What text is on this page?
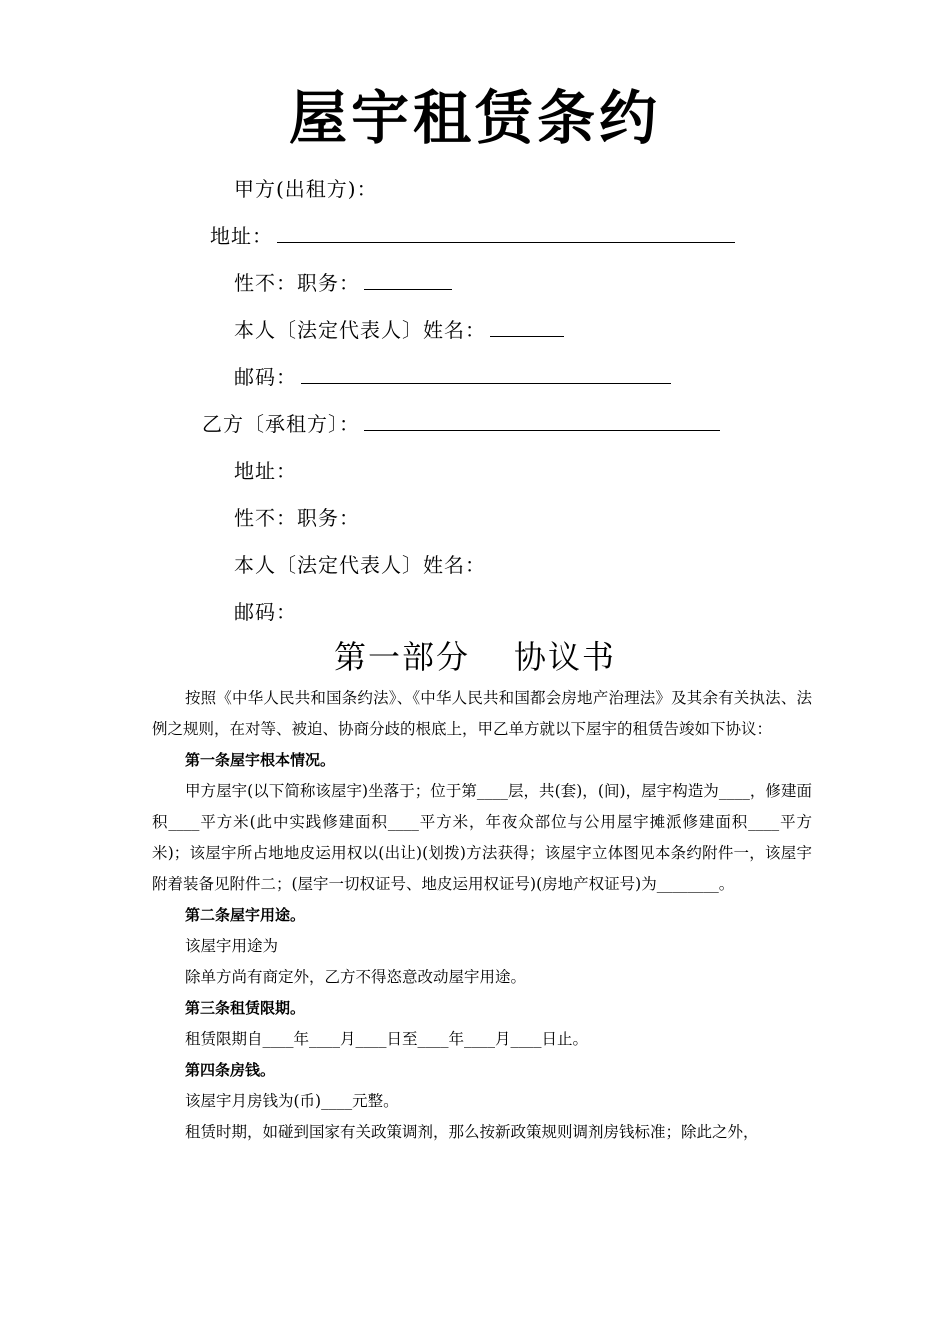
屋宇租赁条约
甲方(出租方)：
地址：
性不：职务：
本人〔法定代表人〕姓名：
邮码：
乙方〔承租方〕：
地址：
性不：职务：
本人〔法定代表人〕姓名：
邮码：
第一部分 协议书

按照《中华人民共和国条约法》、《中华人民共和国都会房地产治理法》及其余有关执法、法例之规则，在对等、被迫、协商分歧的根底上，甲乙单方就以下屋宇的租赁告竣如下协议：

第一条屋宇根本情况。

甲方屋宇(以下简称该屋宇)坐落于；位于第____层，共(套)，(间)，屋宇构造为____，修建面积____平方米(此中实践修建面积____平方米，年夜众部位与公用屋宇摊派修建面积____平方米)；该屋宇所占地地皮运用权以(出让)(划拨)方法获得；该屋宇立体图见本条约附件一，该屋宇附着装备见附件二；(屋宇一切权证号、地皮运用权证号)(房地产权证号)为________。

第二条屋宇用途。

该屋宇用途为

除单方尚有商定外，乙方不得恣意改动屋宇用途。

第三条租赁限期。

租赁限期自____年____月____日至____年____月____日止。

第四条房钱。

该屋宇月房钱为(币)____元整。

租赁时期，如碰到国家有关政策调剂，那么按新政策规则调剂房钱标准；除此之外，
